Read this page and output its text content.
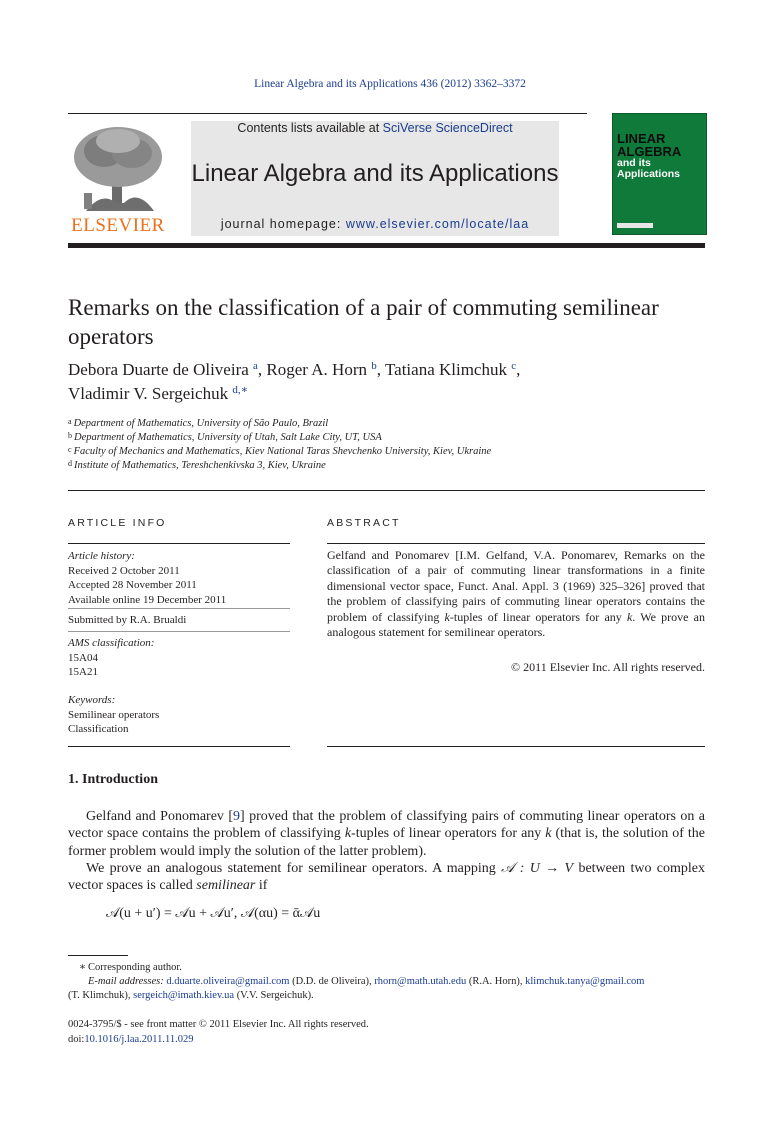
Linear Algebra and its Applications 436 (2012) 3362–3372
ELSEVIER
Contents lists available at SciVerse ScienceDirect
Linear Algebra and its Applications
journal homepage: www.elsevier.com/locate/laa
LINEAR
ALGEBRA
and its
Applications
Remarks on the classification of a pair of commuting semilinear operators
Debora Duarte de Oliveira $^a$, Roger A. Horn $^b$, Tatiana Klimchuk $^c$,
Vladimir V. Sergeichuk $^{d,∗}$
$^a$ Department of Mathematics, University of São Paulo, Brazil
$^b$ Department of Mathematics, University of Utah, Salt Lake City, UT, USA
$^c$ Faculty of Mechanics and Mathematics, Kiev National Taras Shevchenko University, Kiev, Ukraine
$^d$ Institute of Mathematics, Tereshchenkivska 3, Kiev, Ukraine
ARTICLE INFO
Article history:
Received 2 October 2011
Accepted 28 November 2011
Available online 19 December 2011
Submitted by R.A. Brualdi
AMS classification:
15A04
15A21
Keywords:
Semilinear operators
Classification
ABSTRACT
Gelfand and Ponomarev [I.M. Gelfand, V.A. Ponomarev, Remarks on the classification of a pair of commuting linear transformations in a finite dimensional vector space, Funct. Anal. Appl. 3 (1969) 325–326] proved that the problem of classifying pairs of commuting linear operators contains the problem of classifying k-tuples of linear operators for any k. We prove an analogous statement for semilinear operators.
© 2011 Elsevier Inc. All rights reserved.
1. Introduction
Gelfand and Ponomarev [9] proved that the problem of classifying pairs of commuting linear operators on a vector space contains the problem of classifying k-tuples of linear operators for any k (that is, the solution of the former problem would imply the solution of the latter problem).
We prove an analogous statement for semilinear operators. A mapping 𝒜 : U → V between two complex vector spaces is called semilinear if
𝒜(u + u′) = 𝒜u + 𝒜u′, 𝒜(αu) = ᾱ𝒜u
∗ Corresponding author.
E-mail addresses: d.duarte.oliveira@gmail.com (D.D. de Oliveira), rhorn@math.utah.edu (R.A. Horn), klimchuk.tanya@gmail.com
(T. Klimchuk), sergeich@imath.kiev.ua (V.V. Sergeichuk).
0024-3795/$ - see front matter © 2011 Elsevier Inc. All rights reserved.
doi:10.1016/j.laa.2011.11.029
